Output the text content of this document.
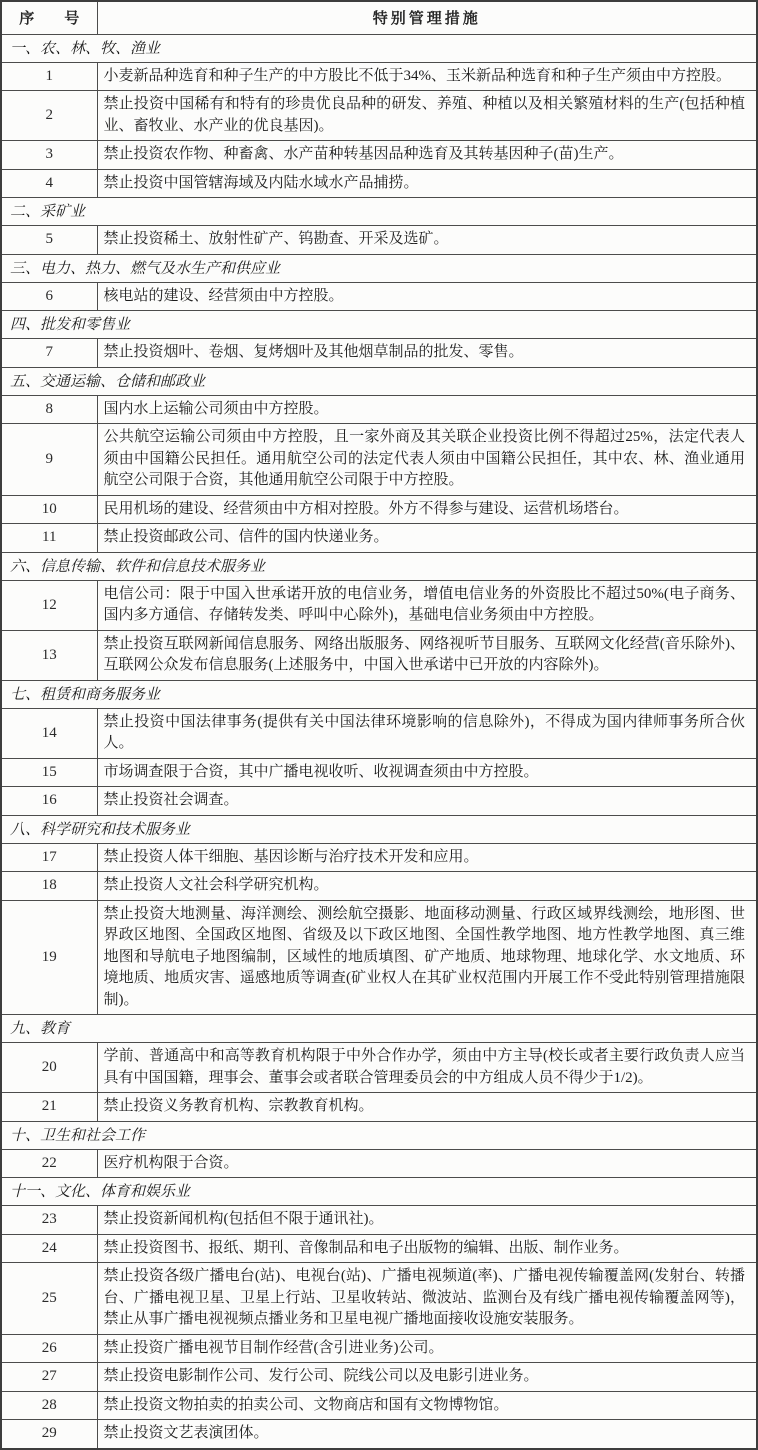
序　　号	特别管理措施
一、农、林、牧、渔业	
1	小麦新品种选育和种子生产的中方股比不低于34%、玉米新品种选育和种子生产须由中方控股。
2	禁止投资中国稀有和特有的珍贵优良品种的研发、养殖、种植以及相关繁殖材料的生产(包括种植业、畜牧业、水产业的优良基因)。
3	禁止投资农作物、种畜禽、水产苗种转基因品种选育及其转基因种子(苗)生产。
4	禁止投资中国管辖海域及内陆水域水产品捕捞。
二、采矿业	
5	禁止投资稀土、放射性矿产、钨勘查、开采及选矿。
三、电力、热力、燃气及水生产和供应业	
6	核电站的建设、经营须由中方控股。
四、批发和零售业	
7	禁止投资烟叶、卷烟、复烤烟叶及其他烟草制品的批发、零售。
五、交通运输、仓储和邮政业	
8	国内水上运输公司须由中方控股。
9	公共航空运输公司须由中方控股，且一家外商及其关联企业投资比例不得超过25%，法定代表人须由中国籍公民担任。通用航空公司的法定代表人须由中国籍公民担任，其中农、林、渔业通用航空公司限于合资，其他通用航空公司限于中方控股。
10	民用机场的建设、经营须由中方相对控股。外方不得参与建设、运营机场塔台。
11	禁止投资邮政公司、信件的国内快递业务。
六、信息传输、软件和信息技术服务业	
12	电信公司：限于中国入世承诺开放的电信业务，增值电信业务的外资股比不超过50%(电子商务、国内多方通信、存储转发类、呼叫中心除外)，基础电信业务须由中方控股。
13	禁止投资互联网新闻信息服务、网络出版服务、网络视听节目服务、互联网文化经营(音乐除外)、互联网公众发布信息服务(上述服务中，中国入世承诺中已开放的内容除外)。
七、租赁和商务服务业	
14	禁止投资中国法律事务(提供有关中国法律环境影响的信息除外)，不得成为国内律师事务所合伙人。
15	市场调查限于合资，其中广播电视收听、收视调查须由中方控股。
16	禁止投资社会调查。
八、科学研究和技术服务业	
17	禁止投资人体干细胞、基因诊断与治疗技术开发和应用。
18	禁止投资人文社会科学研究机构。
19	禁止投资大地测量、海洋测绘、测绘航空摄影、地面移动测量、行政区域界线测绘，地形图、世界政区地图、全国政区地图、省级及以下政区地图、全国性教学地图、地方性教学地图、真三维地图和导航电子地图编制，区域性的地质填图、矿产地质、地球物理、地球化学、水文地质、环境地质、地质灾害、遥感地质等调查(矿业权人在其矿业权范围内开展工作不受此特别管理措施限制)。
九、教育	
20	学前、普通高中和高等教育机构限于中外合作办学，须由中方主导(校长或者主要行政负责人应当具有中国国籍，理事会、董事会或者联合管理委员会的中方组成人员不得少于1/2)。
21	禁止投资义务教育机构、宗教教育机构。
十、卫生和社会工作	
22	医疗机构限于合资。
十一、文化、体育和娱乐业	
23	禁止投资新闻机构(包括但不限于通讯社)。
24	禁止投资图书、报纸、期刊、音像制品和电子出版物的编辑、出版、制作业务。
25	禁止投资各级广播电台(站)、电视台(站)、广播电视频道(率)、广播电视传输覆盖网(发射台、转播台、广播电视卫星、卫星上行站、卫星收转站、微波站、监测台及有线广播电视传输覆盖网等)，禁止从事广播电视视频点播业务和卫星电视广播地面接收设施安装服务。
26	禁止投资广播电视节目制作经营(含引进业务)公司。
27	禁止投资电影制作公司、发行公司、院线公司以及电影引进业务。
28	禁止投资文物拍卖的拍卖公司、文物商店和国有文物博物馆。
29	禁止投资文艺表演团体。
